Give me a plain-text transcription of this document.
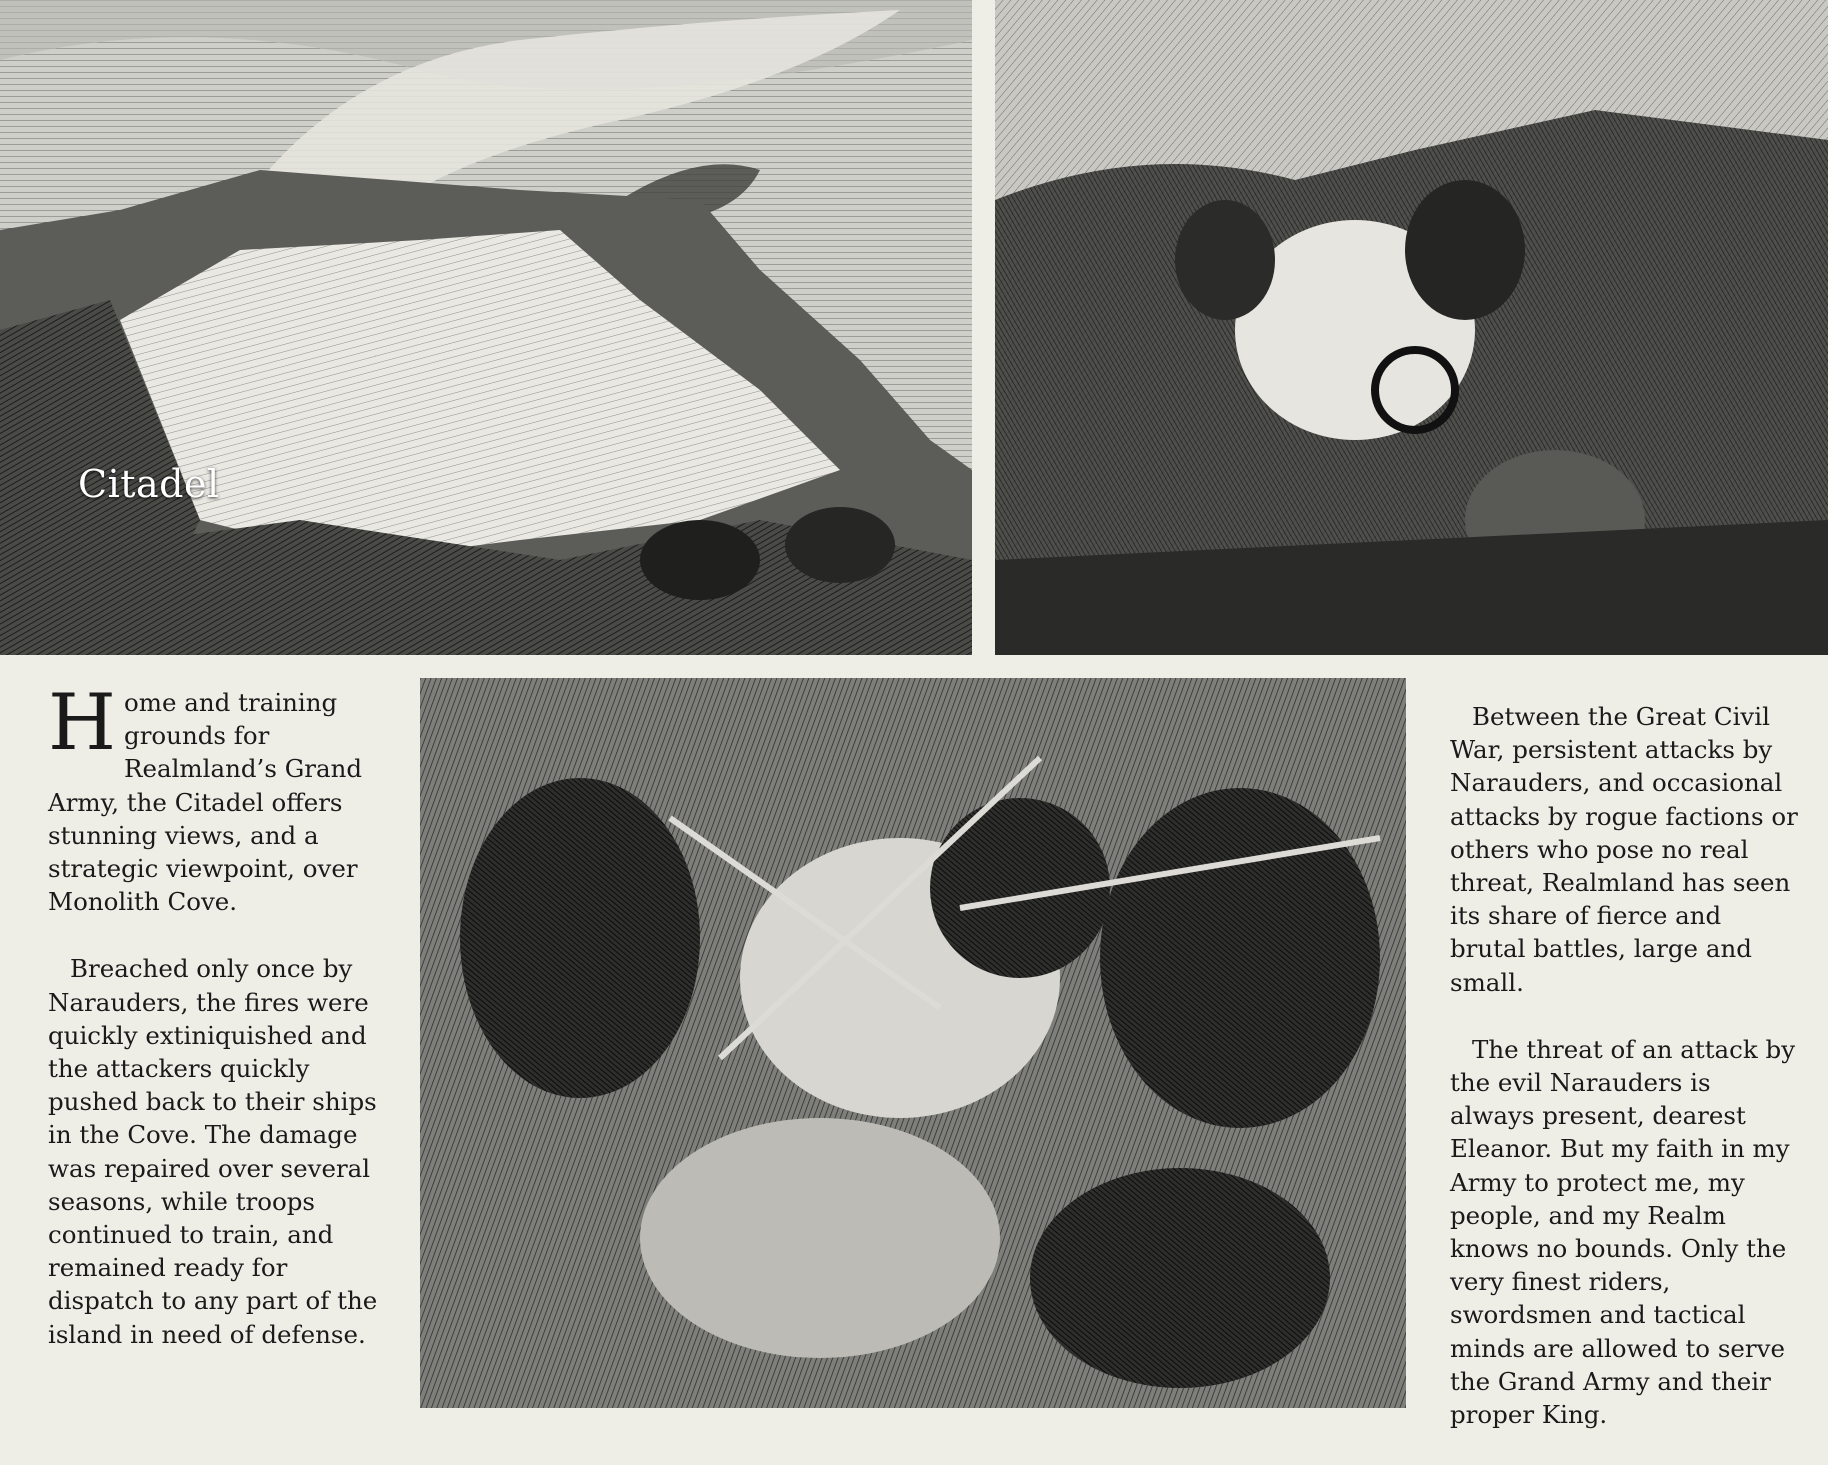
Citadel

Home and training grounds for Realmland’s Grand Army, the Citadel offers stunning views, and a strategic viewpoint, over Monolith Cove.

Breached only once by Narauders, the fires were quickly extiniquished and the attackers quickly pushed back to their ships in the Cove. The damage was repaired over several seasons, while troops continued to train, and remained ready for dispatch to any part of the island in need of defense.

Between the Great Civil War, persistent attacks by Narauders, and occasional attacks by rogue factions or others who pose no real threat, Realmland has seen its share of fierce and brutal battles, large and small.

The threat of an attack by the evil Narauders is always present, dearest Eleanor. But my faith in my Army to protect me, my people, and my Realm knows no bounds. Only the very finest riders, swordsmen and tactical minds are allowed to serve the Grand Army and their proper King.
